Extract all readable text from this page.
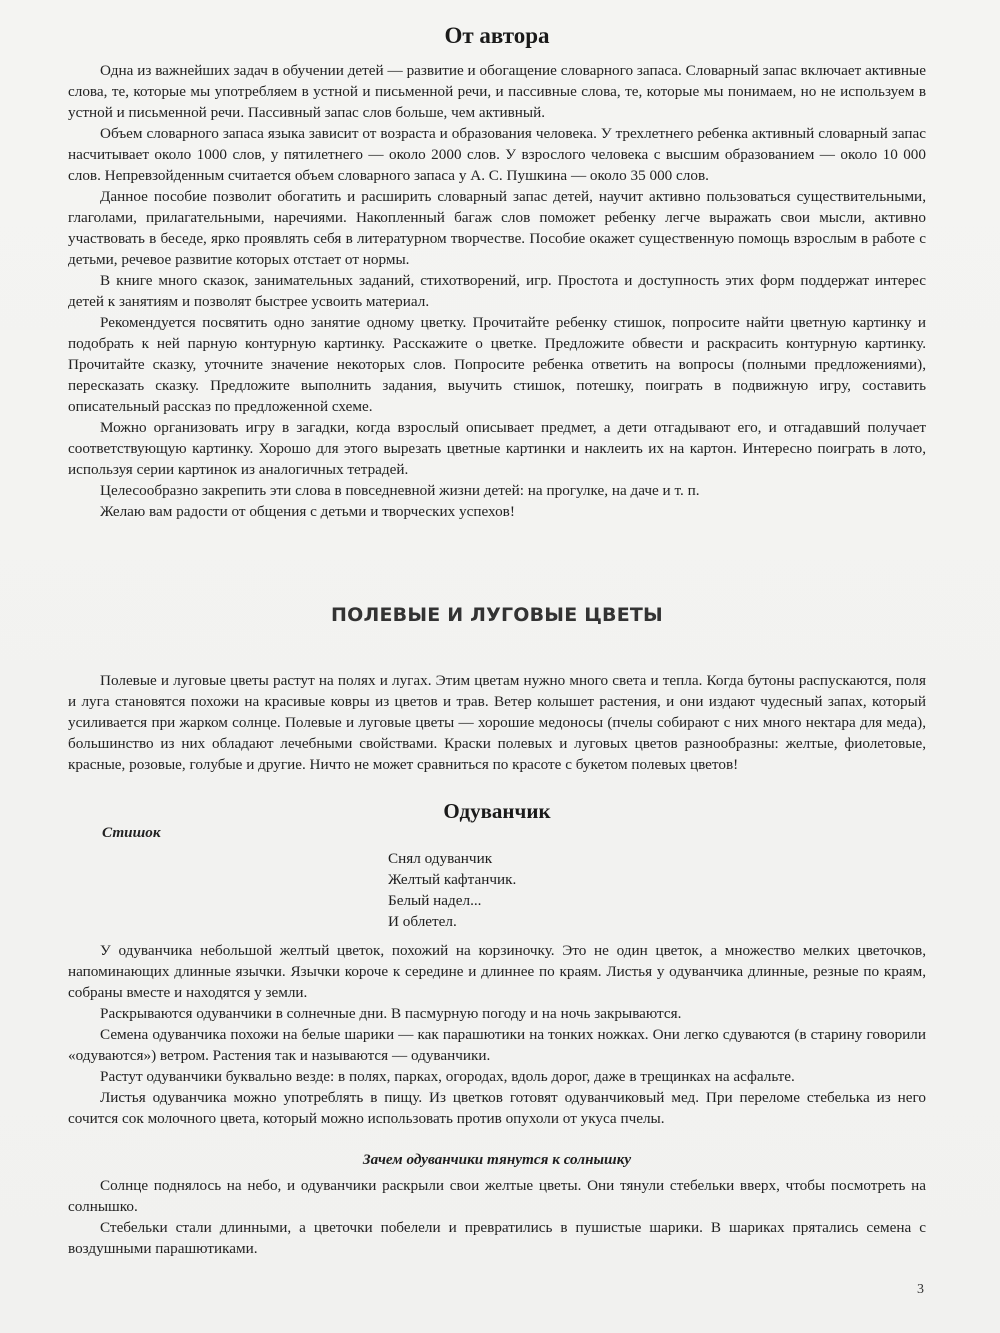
От автора

Одна из важнейших задач в обучении детей — развитие и обогащение словарного запаса. Словарный запас включает активные слова, те, которые мы употребляем в устной и письменной речи, и пассивные слова, те, которые мы понимаем, но не используем в устной и письменной речи. Пассивный запас слов больше, чем активный.

Объем словарного запаса языка зависит от возраста и образования человека. У трехлетнего ребенка активный словарный запас насчитывает около 1000 слов, у пятилетнего — около 2000 слов. У взрослого человека с высшим образованием — около 10 000 слов. Непревзойденным считается объем словарного запаса у А. С. Пушкина — около 35 000 слов.

Данное пособие позволит обогатить и расширить словарный запас детей, научит активно пользоваться существительными, глаголами, прилагательными, наречиями. Накопленный багаж слов поможет ребенку легче выражать свои мысли, активно участвовать в беседе, ярко проявлять себя в литературном творчестве. Пособие окажет существенную помощь взрослым в работе с детьми, речевое развитие которых отстает от нормы.

В книге много сказок, занимательных заданий, стихотворений, игр. Простота и доступность этих форм поддержат интерес детей к занятиям и позволят быстрее усвоить материал.

Рекомендуется посвятить одно занятие одному цветку. Прочитайте ребенку стишок, попросите найти цветную картинку и подобрать к ней парную контурную картинку. Расскажите о цветке. Предложите обвести и раскрасить контурную картинку. Прочитайте сказку, уточните значение некоторых слов. Попросите ребенка ответить на вопросы (полными предложениями), пересказать сказку. Предложите выполнить задания, выучить стишок, потешку, поиграть в подвижную игру, составить описательный рассказ по предложенной схеме.

Можно организовать игру в загадки, когда взрослый описывает предмет, а дети отгадывают его, и отгадавший получает соответствующую картинку. Хорошо для этого вырезать цветные картинки и наклеить их на картон. Интересно поиграть в лото, используя серии картинок из аналогичных тетрадей.

Целесообразно закрепить эти слова в повседневной жизни детей: на прогулке, на даче и т. п.

Желаю вам радости от общения с детьми и творческих успехов!

ПОЛЕВЫЕ И ЛУГОВЫЕ ЦВЕТЫ

Полевые и луговые цветы растут на полях и лугах. Этим цветам нужно много света и тепла. Когда бутоны распускаются, поля и луга становятся похожи на красивые ковры из цветов и трав. Ветер колышет растения, и они издают чудесный запах, который усиливается при жарком солнце. Полевые и луговые цветы — хорошие медоносы (пчелы собирают с них много нектара для меда), большинство из них обладают лечебными свойствами. Краски полевых и луговых цветов разнообразны: желтые, фиолетовые, красные, розовые, голубые и другие. Ничто не может сравниться по красоте с букетом полевых цветов!

Одуванчик
Стишок
Снял одуванчик
Желтый кафтанчик.
Белый надел...
И облетел.

У одуванчика небольшой желтый цветок, похожий на корзиночку. Это не один цветок, а множество мелких цветочков, напоминающих длинные язычки. Язычки короче к середине и длиннее по краям. Листья у одуванчика длинные, резные по краям, собраны вместе и находятся у земли.

Раскрываются одуванчики в солнечные дни. В пасмурную погоду и на ночь закрываются.

Семена одуванчика похожи на белые шарики — как парашютики на тонких ножках. Они легко сдуваются (в старину говорили «одуваются») ветром. Растения так и называются — одуванчики.

Растут одуванчики буквально везде: в полях, парках, огородах, вдоль дорог, даже в трещинках на асфальте.

Листья одуванчика можно употреблять в пищу. Из цветков готовят одуванчиковый мед. При переломе стебелька из него сочится сок молочного цвета, который можно использовать против опухоли от укуса пчелы.

Зачем одуванчики тянутся к солнышку

Солнце поднялось на небо, и одуванчики раскрыли свои желтые цветы. Они тянули стебельки вверх, чтобы посмотреть на солнышко.

Стебельки стали длинными, а цветочки побелели и превратились в пушистые шарики. В шариках прятались семена с воздушными парашютиками.

3
